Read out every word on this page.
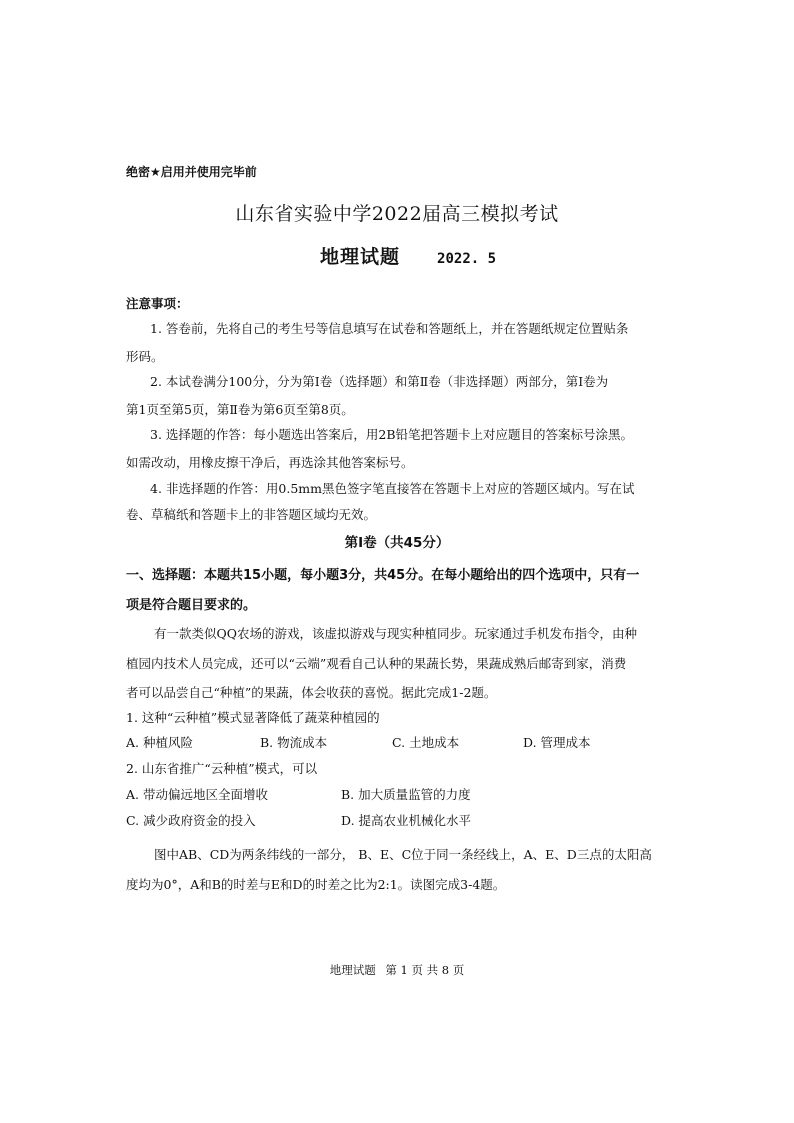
绝密★启用并使用完毕前
山东省实验中学2022届高三模拟考试
地理试题	2022. 5
注意事项：
1. 答卷前，先将自己的考生号等信息填写在试卷和答题纸上，并在答题纸规定位置贴条
形码。
2. 本试卷满分100分，分为第Ⅰ卷（选择题）和第Ⅱ卷（非选择题）两部分，第Ⅰ卷为
第1页至第5页，第Ⅱ卷为第6页至第8页。
3. 选择题的作答：每小题选出答案后，用2B铅笔把答题卡上对应题目的答案标号涂黑。
如需改动，用橡皮擦干净后，再选涂其他答案标号。
4. 非选择题的作答：用0.5mm黑色签字笔直接答在答题卡上对应的答题区域内。写在试
卷、草稿纸和答题卡上的非答题区域均无效。
第Ⅰ卷（共45分）
一、选择题：本题共15小题，每小题3分，共45分。在每小题给出的四个选项中，只有一
项是符合题目要求的。
有一款类似QQ农场的游戏，该虚拟游戏与现实种植同步。玩家通过手机发布指令，由种
植园内技术人员完成，还可以“云端”观看自己认种的果蔬长势，果蔬成熟后邮寄到家，消费
者可以品尝自己“种植”的果蔬，体会收获的喜悦。据此完成1-2题。
1. 这种“云种植”模式显著降低了蔬菜种植园的
A. 种植风险	B. 物流成本	C. 土地成本	D. 管理成本
2. 山东省推广“云种植”模式，可以
A. 带动偏远地区全面增收	B. 加大质量监管的力度
C. 减少政府资金的投入	D. 提高农业机械化水平
图中AB、CD为两条纬线的一部分， B、E、C位于同一条经线上，A、E、D三点的太阳高
度均为0°，A和B的时差与E和D的时差之比为2:1。读图完成3-4题。
地理试题 第 1 页 共 8 页
